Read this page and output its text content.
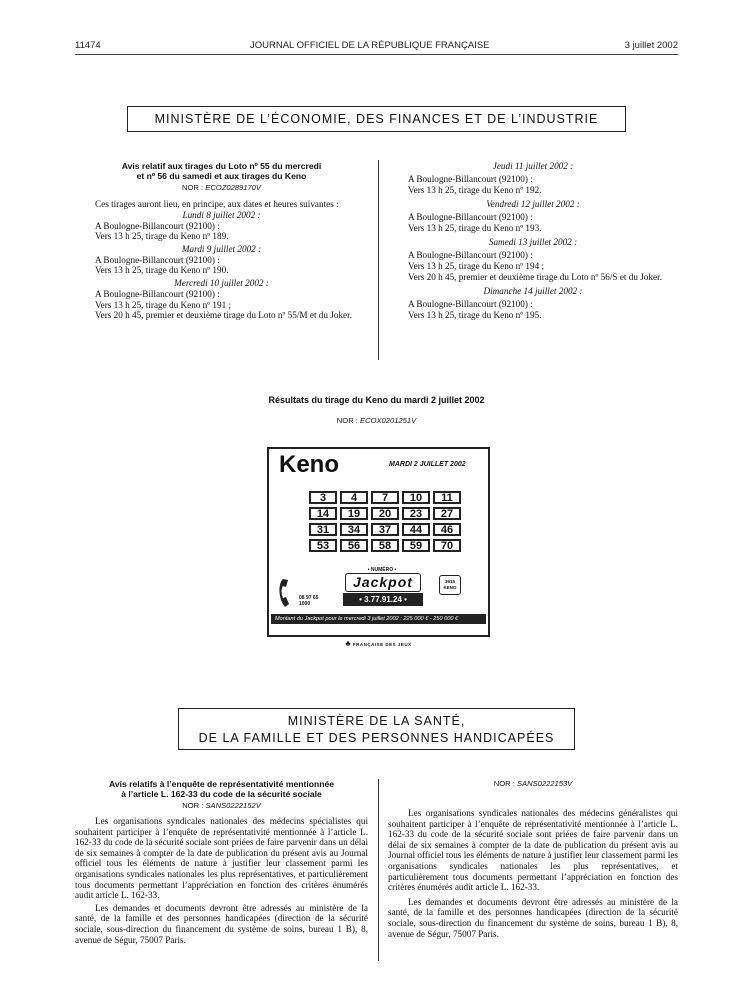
11474	JOURNAL OFFICIEL DE LA RÉPUBLIQUE FRANÇAISE	3 juillet 2002
MINISTÈRE DE L’ÉCONOMIE, DES FINANCES ET DE L’INDUSTRIE
Avis relatif aux tirages du Loto nº 55 du mercredi
et nº 56 du samedi et aux tirages du Keno
NOR : ECOZ0289170V
Ces tirages auront lieu, en principe, aux dates et heures suivantes :
Lundi 8 juillet 2002 :
A Boulogne-Billancourt (92100) :
Vers 13 h 25, tirage du Keno nº 189.
Mardi 9 juillet 2002 :
A Boulogne-Billancourt (92100) :
Vers 13 h 25, tirage du Keno nº 190.
Mercredi 10 juillet 2002 :
A Boulogne-Billancourt (92100) :
Vers 13 h 25, tirage du Keno nº 191 ;
Vers 20 h 45, premier et deuxième tirage du Loto nº 55/M et du Joker.
Jeudi 11 juillet 2002 :
A Boulogne-Billancourt (92100) :
Vers 13 h 25, tirage du Keno nº 192.
Vendredi 12 juillet 2002 :
A Boulogne-Billancourt (92100) :
Vers 13 h 25, tirage du Keno nº 193.
Samedi 13 juillet 2002 :
A Boulogne-Billancourt (92100) :
Vers 13 h 25, tirage du Keno nº 194 ;
Vers 20 h 45, premier et deuxième tirage du Loto nº 56/S et du Joker.
Dimanche 14 juillet 2002 :
A Boulogne-Billancourt (92100) :
Vers 13 h 25, tirage du Keno nº 195.
Résultats du tirage du Keno du mardi 2 juillet 2002
NOR : ECOX0201251V
Keno	MARDI 2 JUILLET 2002
3	4	7	10	11
14	19	20	23	27
31	34	37	44	46
53	56	58	59	70
08 97 65 1000
• NUMÉRO •
Jackpot
• 3.77.91.24 •
3615 KENO
Montant du Jackpot pour le mercredi 3 juillet 2002 : 225 000 € - 250 000 €
♣ FRANÇAISE DES JEUX
MINISTÈRE DE LA SANTÉ,
DE LA FAMILLE ET DES PERSONNES HANDICAPÉES
Avis relatifs à l’enquête de représentativité mentionnée
à l’article L. 162-33 du code de la sécurité sociale
NOR : SANS0222152V
Les organisations syndicales nationales des médecins spécialistes qui souhaitent participer à l’enquête de représentativité mentionnée à l’article L. 162-33 du code de la sécurité sociale sont priées de faire parvenir dans un délai de six semaines à compter de la date de publication du présent avis au Journal officiel tous les éléments de nature à justifier leur classement parmi les organisations syndicales nationales les plus représentatives, et particulièrement tous documents permettant l’appréciation en fonction des critères énumérés audit article L. 162-33.
Les demandes et documents devront être adressés au ministère de la santé, de la famille et des personnes handicapées (direction de la sécurité sociale, sous-direction du financement du système de soins, bureau 1 B), 8, avenue de Ségur, 75007 Paris.
NOR : SANS0222153V
Les organisations syndicales nationales des médecins généralistes qui souhaitent participer à l’enquête de représentativité mentionnée à l’article L. 162-33 du code de la sécurité sociale sont priées de faire parvenir dans un délai de six semaines à compter de la date de publication du présent avis au Journal officiel tous les éléments de nature à justifier leur classement parmi les organisations syndicales nationales les plus représentatives, et particulièrement tous documents permettant l’appréciation en fonction des critères énumérés audit article L. 162-33.
Les demandes et documents devront être adressés au ministère de la santé, de la famille et des personnes handicapées (direction de la sécurité sociale, sous-direction du financement du système de soins, bureau 1 B), 8, avenue de Ségur, 75007 Paris.
